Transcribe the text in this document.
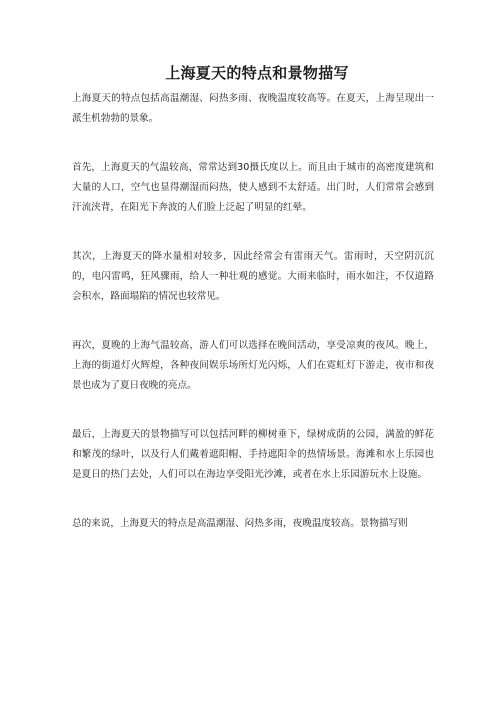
上海夏天的特点和景物描写

上海夏天的特点包括高温潮湿、闷热多雨、夜晚温度较高等。在夏天，上海呈现出一派生机勃勃的景象。

首先，上海夏天的气温较高，常常达到30摄氏度以上。而且由于城市的高密度建筑和大量的人口，空气也显得潮湿而闷热，使人感到不太舒适。出门时，人们常常会感到汗流浃背，在阳光下奔波的人们脸上泛起了明显的红晕。

其次，上海夏天的降水量相对较多，因此经常会有雷雨天气。雷雨时，天空阴沉沉的，电闪雷鸣，狂风骤雨，给人一种壮观的感觉。大雨来临时，雨水如注，不仅道路会积水，路面塌陷的情况也较常见。

再次，夏晚的上海气温较高，游人们可以选择在晚间活动，享受凉爽的夜风。晚上，上海的街道灯火辉煌，各种夜间娱乐场所灯光闪烁，人们在霓虹灯下游走，夜市和夜景也成为了夏日夜晚的亮点。

最后，上海夏天的景物描写可以包括河畔的柳树垂下，绿树成荫的公园，满盈的鲜花和繁茂的绿叶，以及行人们戴着遮阳帽、手持遮阳伞的热情场景。海滩和水上乐园也是夏日的热门去处，人们可以在海边享受阳光沙滩，或者在水上乐园游玩水上设施。

总的来说，上海夏天的特点是高温潮湿、闷热多雨，夜晚温度较高。景物描写则
